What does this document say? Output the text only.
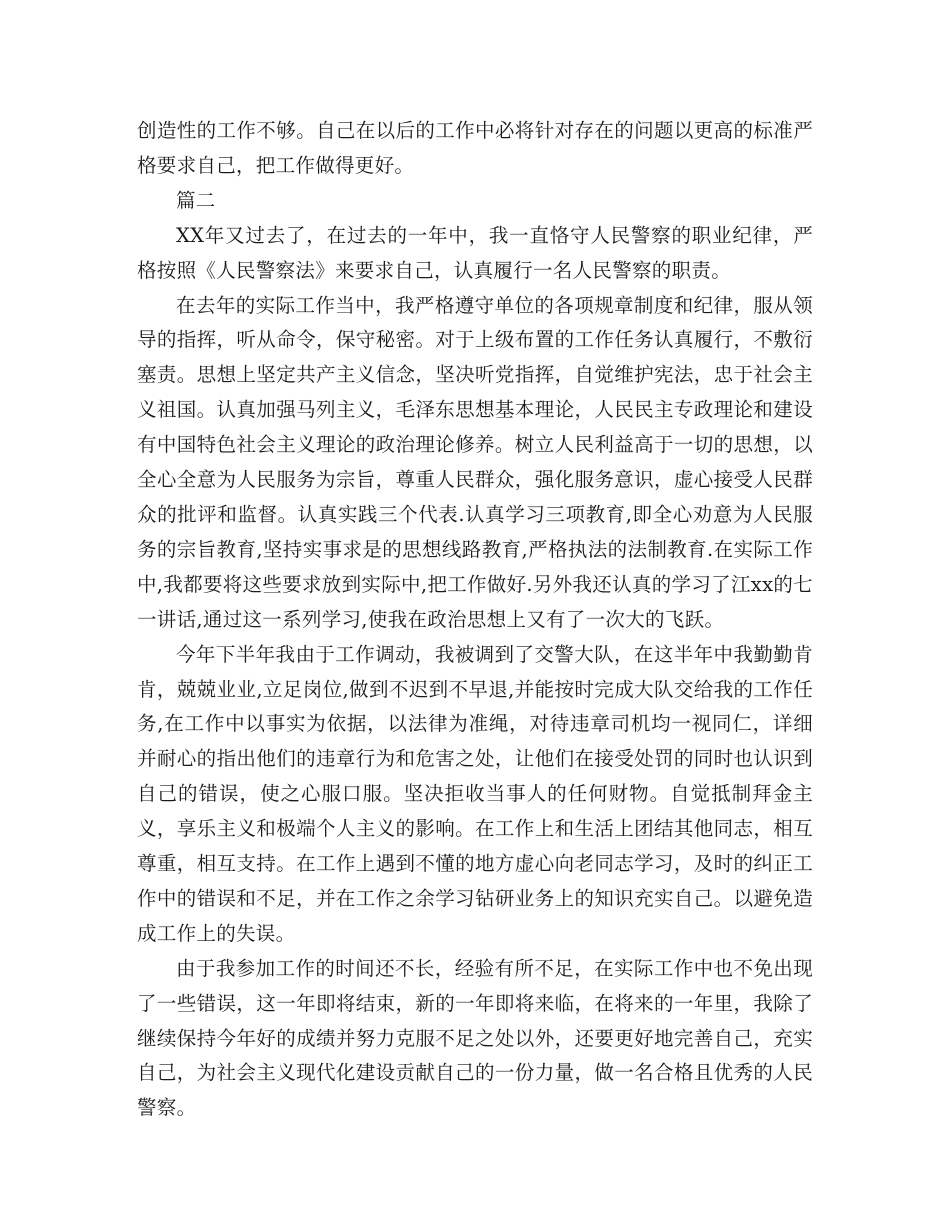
创造性的工作不够。自己在以后的工作中必将针对存在的问题以更高的标准严格要求自己，把工作做得更好。

篇二

XX年又过去了，在过去的一年中，我一直恪守人民警察的职业纪律，严格按照《人民警察法》来要求自己，认真履行一名人民警察的职责。

在去年的实际工作当中，我严格遵守单位的各项规章制度和纪律，服从领导的指挥，听从命令，保守秘密。对于上级布置的工作任务认真履行，不敷衍塞责。思想上坚定共产主义信念，坚决听党指挥，自觉维护宪法，忠于社会主义祖国。认真加强马列主义，毛泽东思想基本理论，人民民主专政理论和建设有中国特色社会主义理论的政治理论修养。树立人民利益高于一切的思想，以全心全意为人民服务为宗旨，尊重人民群众，强化服务意识，虚心接受人民群众的批评和监督。认真实践三个代表.认真学习三项教育,即全心劝意为人民服务的宗旨教育,坚持实事求是的思想线路教育,严格执法的法制教育.在实际工作中,我都要将这些要求放到实际中,把工作做好.另外我还认真的学习了江xx的七一讲话,通过这一系列学习,使我在政治思想上又有了一次大的飞跃。

今年下半年我由于工作调动，我被调到了交警大队，在这半年中我勤勤肯肯，兢兢业业,立足岗位,做到不迟到不早退,并能按时完成大队交给我的工作任务,在工作中以事实为依据，以法律为准绳，对待违章司机均一视同仁，详细并耐心的指出他们的违章行为和危害之处，让他们在接受处罚的同时也认识到自己的错误，使之心服口服。坚决拒收当事人的任何财物。自觉抵制拜金主义，享乐主义和极端个人主义的影响。在工作上和生活上团结其他同志，相互尊重，相互支持。在工作上遇到不懂的地方虚心向老同志学习，及时的纠正工作中的错误和不足，并在工作之余学习钻研业务上的知识充实自己。以避免造成工作上的失误。

由于我参加工作的时间还不长，经验有所不足，在实际工作中也不免出现了一些错误，这一年即将结束，新的一年即将来临，在将来的一年里，我除了继续保持今年好的成绩并努力克服不足之处以外，还要更好地完善自己，充实自己，为社会主义现代化建设贡献自己的一份力量，做一名合格且优秀的人民警察。
